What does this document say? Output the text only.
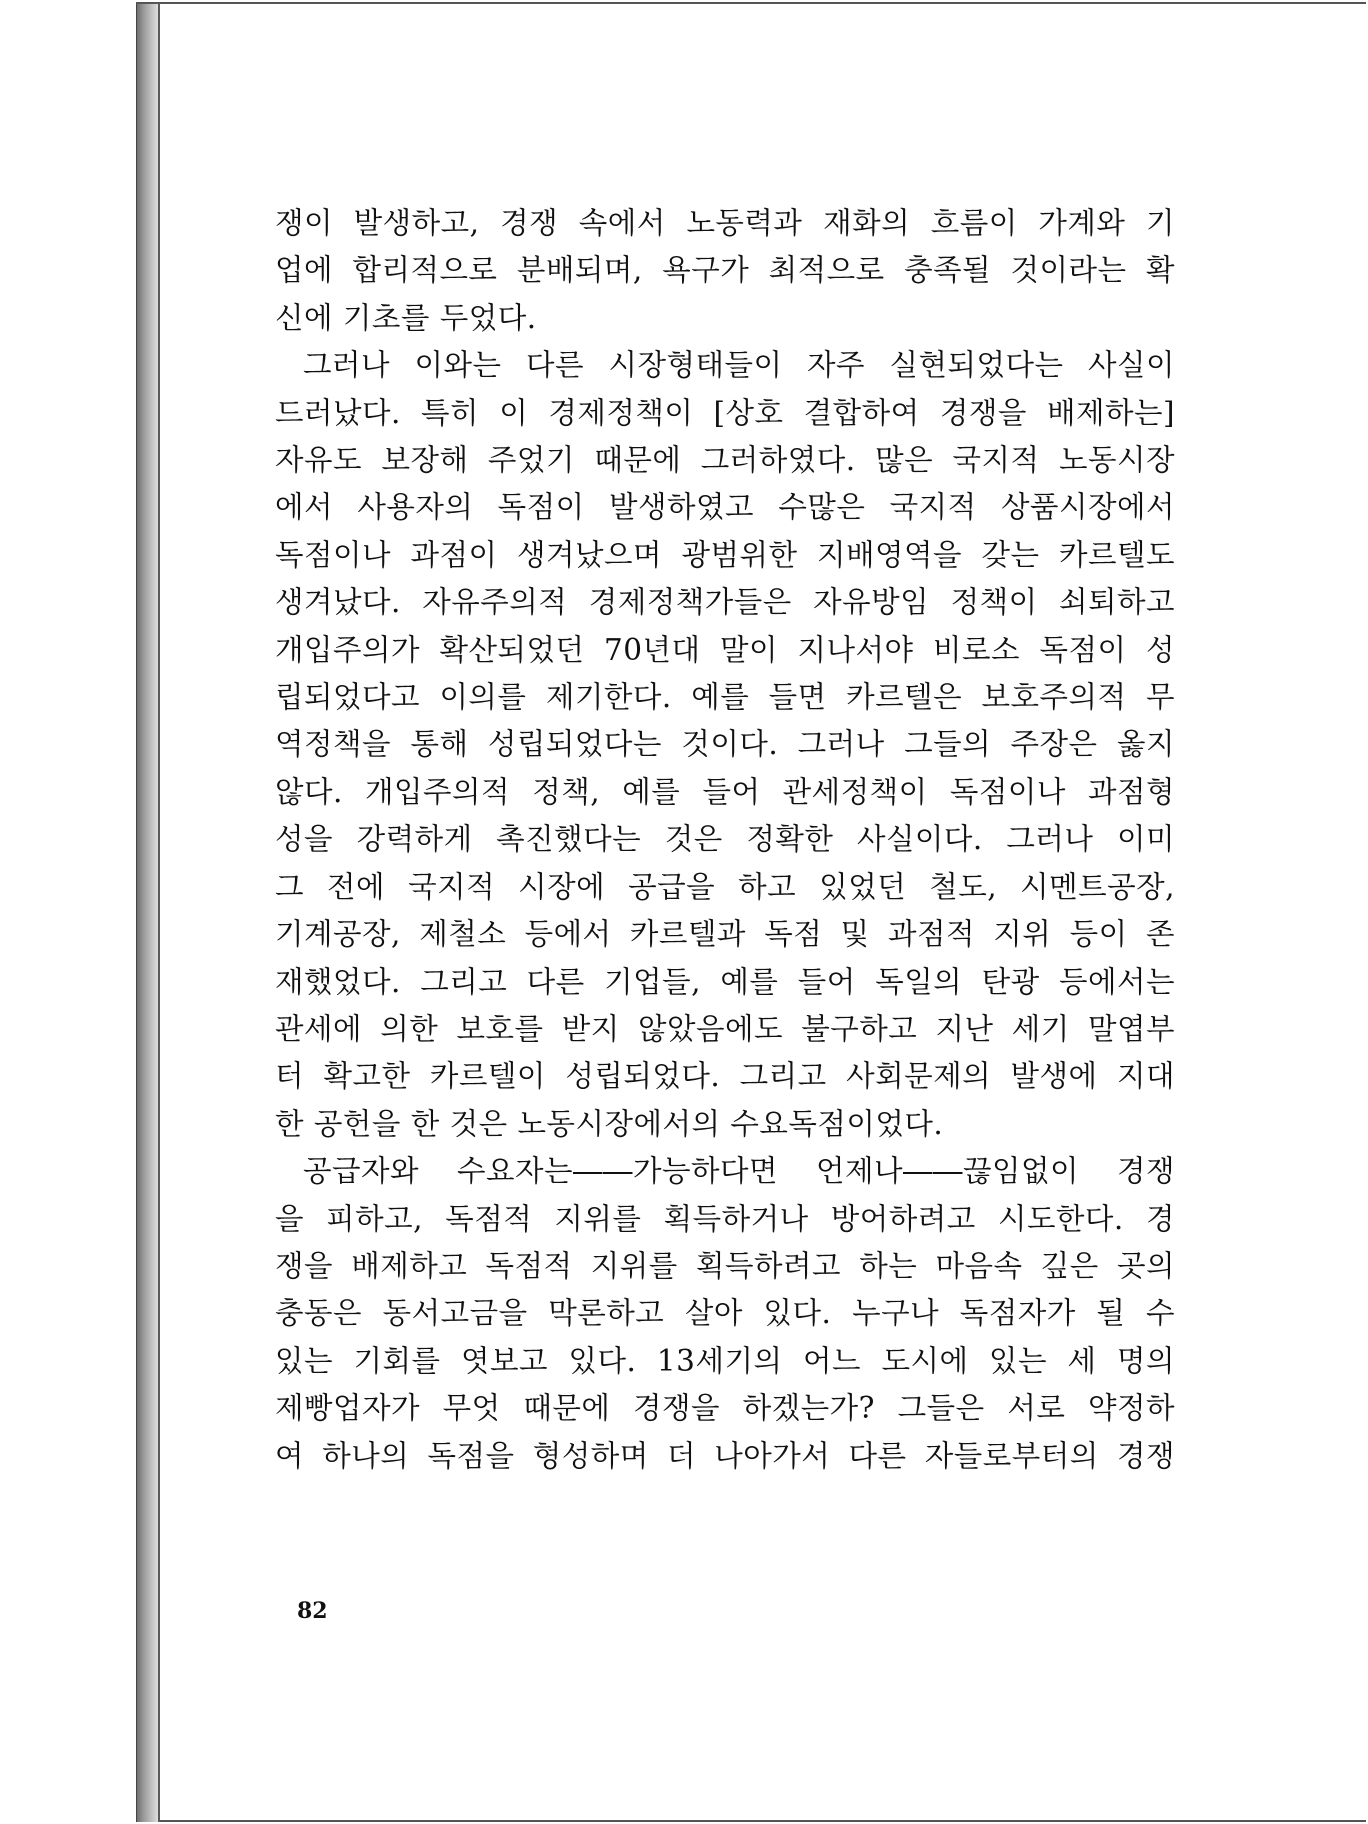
쟁이 발생하고, 경쟁 속에서 노동력과 재화의 흐름이 가계와 기
업에 합리적으로 분배되며, 욕구가 최적으로 충족될 것이라는 확
신에 기초를 두었다.
그러나 이와는 다른 시장형태들이 자주 실현되었다는 사실이
드러났다. 특히 이 경제정책이 [상호 결합하여 경쟁을 배제하는]
자유도 보장해 주었기 때문에 그러하였다. 많은 국지적 노동시장
에서 사용자의 독점이 발생하였고 수많은 국지적 상품시장에서
독점이나 과점이 생겨났으며 광범위한 지배영역을 갖는 카르텔도
생겨났다. 자유주의적 경제정책가들은 자유방임 정책이 쇠퇴하고
개입주의가 확산되었던 70년대 말이 지나서야 비로소 독점이 성
립되었다고 이의를 제기한다. 예를 들면 카르텔은 보호주의적 무
역정책을 통해 성립되었다는 것이다. 그러나 그들의 주장은 옳지
않다. 개입주의적 정책, 예를 들어 관세정책이 독점이나 과점형
성을 강력하게 촉진했다는 것은 정확한 사실이다. 그러나 이미
그 전에 국지적 시장에 공급을 하고 있었던 철도, 시멘트공장,
기계공장, 제철소 등에서 카르텔과 독점 및 과점적 지위 등이 존
재했었다. 그리고 다른 기업들, 예를 들어 독일의 탄광 등에서는
관세에 의한 보호를 받지 않았음에도 불구하고 지난 세기 말엽부
터 확고한 카르텔이 성립되었다. 그리고 사회문제의 발생에 지대
한 공헌을 한 것은 노동시장에서의 수요독점이었다.
공급자와 수요자는――가능하다면 언제나――끊임없이 경쟁
을 피하고, 독점적 지위를 획득하거나 방어하려고 시도한다. 경
쟁을 배제하고 독점적 지위를 획득하려고 하는 마음속 깊은 곳의
충동은 동서고금을 막론하고 살아 있다. 누구나 독점자가 될 수
있는 기회를 엿보고 있다. 13세기의 어느 도시에 있는 세 명의
제빵업자가 무엇 때문에 경쟁을 하겠는가? 그들은 서로 약정하
여 하나의 독점을 형성하며 더 나아가서 다른 자들로부터의 경쟁
82
